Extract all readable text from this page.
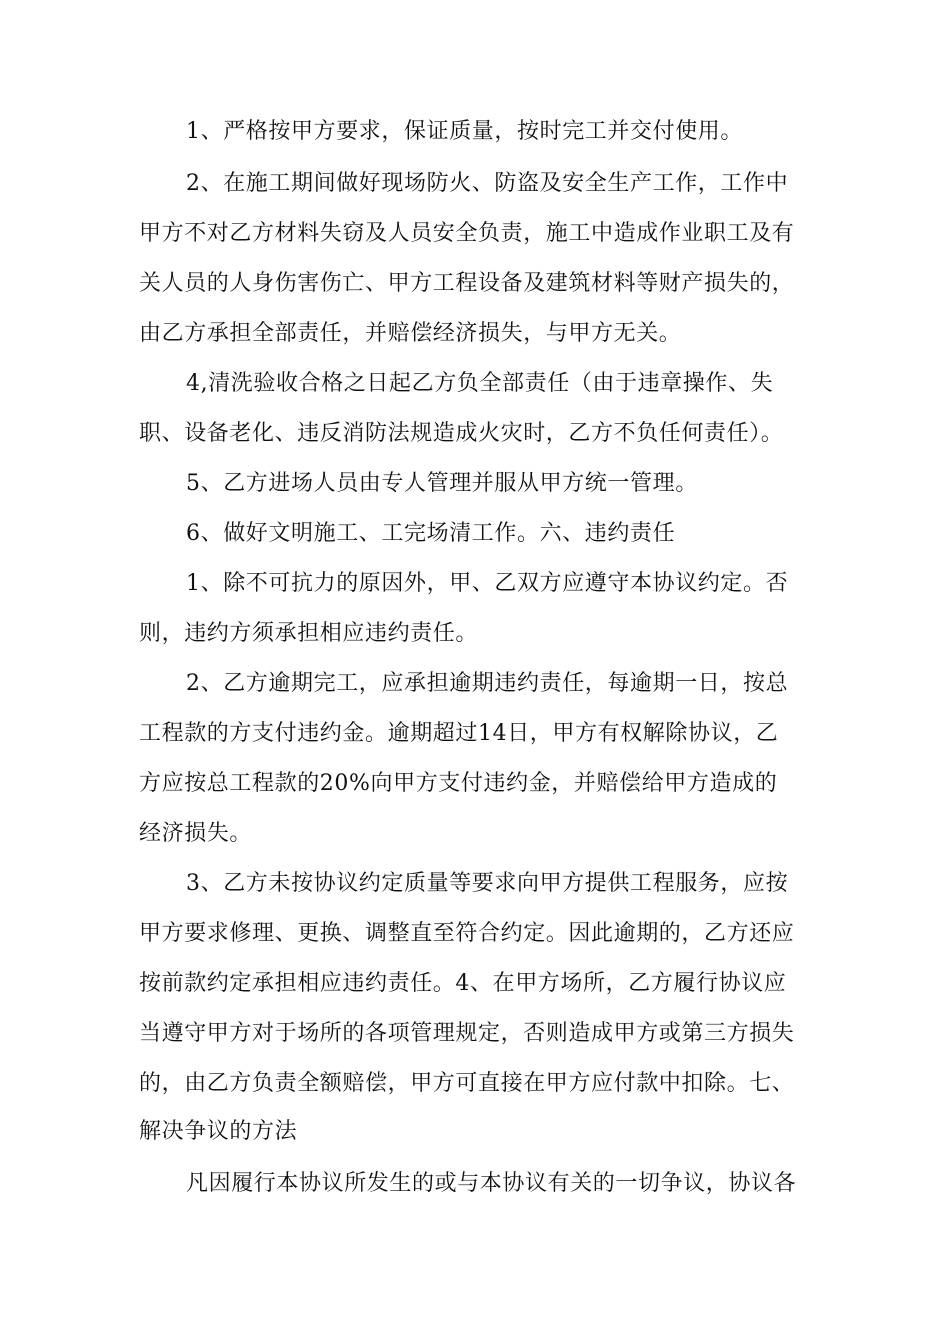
1、严格按甲方要求，保证质量，按时完工并交付使用。
2、在施工期间做好现场防火、防盗及安全生产工作，工作中
甲方不对乙方材料失窃及人员安全负责，施工中造成作业职工及有
关人员的人身伤害伤亡、甲方工程设备及建筑材料等财产损失的，
由乙方承担全部责任，并赔偿经济损失，与甲方无关。
4,清洗验收合格之日起乙方负全部责任（由于违章操作、失
职、设备老化、违反消防法规造成火灾时，乙方不负任何责任）。
5、乙方进场人员由专人管理并服从甲方统一管理。
6、做好文明施工、工完场清工作。六、违约责任
1、除不可抗力的原因外，甲、乙双方应遵守本协议约定。否
则，违约方须承担相应违约责任。
2、乙方逾期完工，应承担逾期违约责任，每逾期一日，按总
工程款的方支付违约金。逾期超过14日，甲方有权解除协议，乙
方应按总工程款的20%向甲方支付违约金，并赔偿给甲方造成的
经济损失。
3、乙方未按协议约定质量等要求向甲方提供工程服务，应按
甲方要求修理、更换、调整直至符合约定。因此逾期的，乙方还应
按前款约定承担相应违约责任。4、在甲方场所，乙方履行协议应
当遵守甲方对于场所的各项管理规定，否则造成甲方或第三方损失
的，由乙方负责全额赔偿，甲方可直接在甲方应付款中扣除。七、
解决争议的方法
凡因履行本协议所发生的或与本协议有关的一切争议，协议各
